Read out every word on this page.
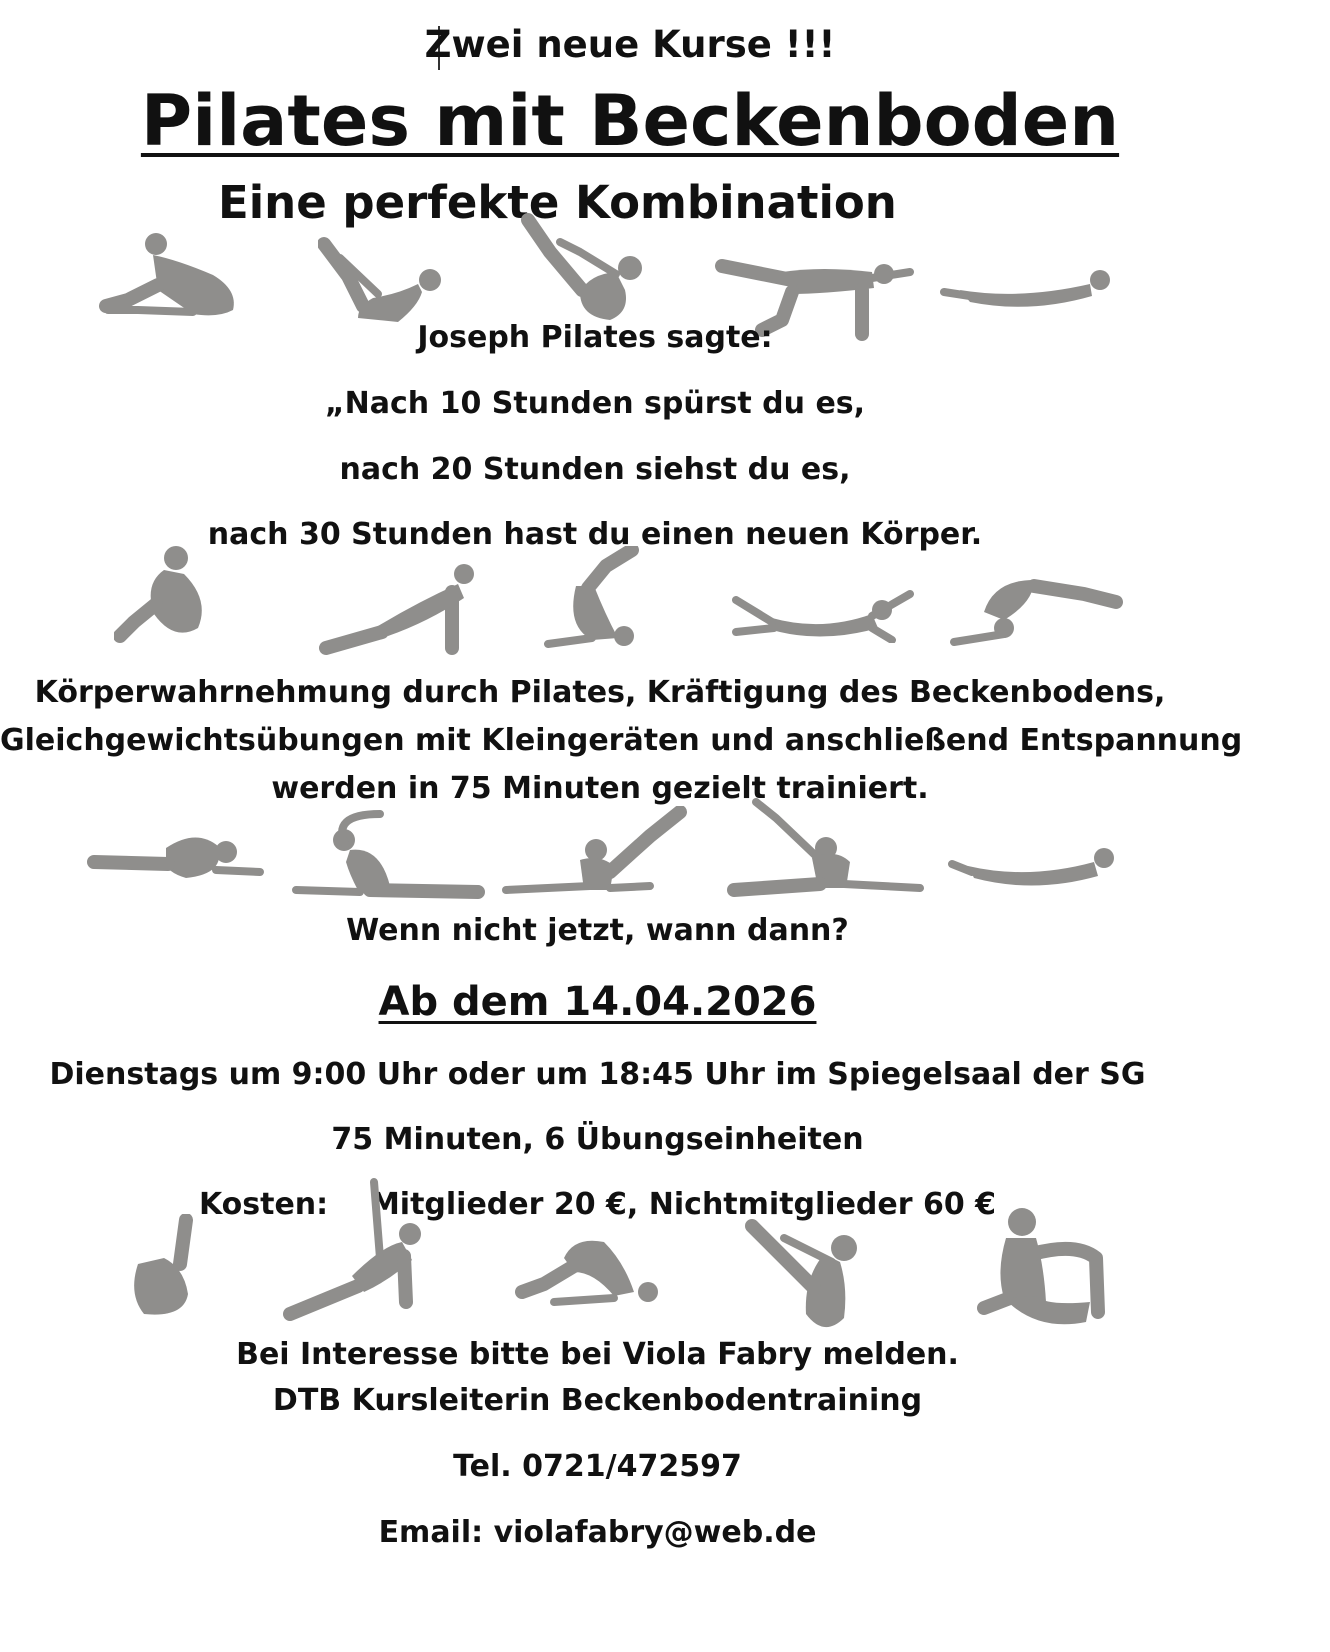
Zwei neue Kurse !!!
Pilates mit Beckenboden
Eine perfekte Kombination
Joseph Pilates sagte:
„Nach 10 Stunden spürst du es,
nach 20 Stunden siehst du es,
nach 30 Stunden hast du einen neuen Körper.
Körperwahrnehmung durch Pilates, Kräftigung des Beckenbodens,
Gleichgewichtsübungen mit Kleingeräten und anschließend Entspannung
werden in 75 Minuten gezielt trainiert.
Wenn nicht jetzt, wann dann?
Ab dem 14.04.2026
Dienstags um 9:00 Uhr oder um 18:45 Uhr im Spiegelsaal der SG
75 Minuten, 6 Übungseinheiten
Kosten:    Mitglieder 20 €, Nichtmitglieder 60 €
Bei Interesse bitte bei Viola Fabry melden.
DTB Kursleiterin Beckenbodentraining
Tel. 0721/472597
Email: violafabry@web.de
